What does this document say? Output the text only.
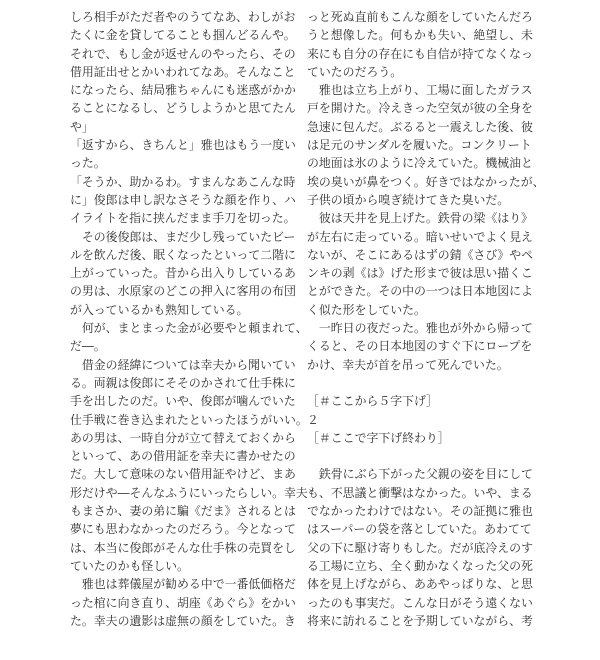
しろ相手がただ者やのうてなあ、わしがお
たくに金を貸してることも掴んどるんや。
それで、もし金が返せんのやったら、その
借用証出せとかいわれてなあ。そんなこと
になったら、結局雅ちゃんにも迷惑がかか
ることになるし、どうしようかと思てたん
や」
「返すから、きちんと」雅也はもう一度い
った。
「そうか、助かるわ。すまんなあこんな時
に」俊郎は申し訳なさそうな顔を作り、ハ
イライトを指に挟んだまま手刀を切った。
　その後俊郎は、まだ少し残っていたビー
ルを飲んだ後、眠くなったといって二階に
上がっていった。昔から出入りしているあ
の男は、水原家のどこの押入に客用の布団
が入っているかも熟知している。
　何が、まとまった金が必要やと頼まれて、
だ―。
　借金の経緯については幸夫から聞いてい
る。両親は俊郎にそそのかされて仕手株に
手を出したのだ。いや、俊郎が噛んでいた
仕手戦に巻き込まれたといったほうがいい。
あの男は、一時自分が立て替えておくから
といって、あの借用証を幸夫に書かせたの
だ。大して意味のない借用証やけど、まあ
形だけや―そんなふうにいったらしい。幸夫
もまさか、妻の弟に騙《だま》されるとは
夢にも思わなかったのだろう。今となって
は、本当に俊郎がそんな仕手株の売買をし
ていたのかも怪しい。
　雅也は葬儀屋が勧める中で一番低価格だ
った棺に向き直り、胡座《あぐら》をかい
た。幸夫の遺影は虚無の顔をしていた。き
っと死ぬ直前もこんな顔をしていたんだろ
うと想像した。何もかも失い、絶望し、未
来にも自分の存在にも自信が持てなくなっ
ていたのだろう。
　雅也は立ち上がり、工場に面したガラス
戸を開けた。冷えきった空気が彼の全身を
急速に包んだ。ぶるると一震えした後、彼
は足元のサンダルを履いた。コンクリート
の地面は氷のように冷えていた。機械油と
埃の臭いが鼻をつく。好きではなかったが、
子供の頃から嗅ぎ続けてきた臭いだ。
　彼は天井を見上げた。鉄骨の梁《はり》
が左右に走っている。暗いせいでよく見え
ないが、そこにあるはずの錆《さび》やペ
ンキの剥《は》げた形まで彼は思い描くこ
とができた。その中の一つは日本地図によ
く似た形をしていた。
　一昨日の夜だった。雅也が外から帰って
くると、その日本地図のすぐ下にロープを
かけ、幸夫が首を吊って死んでいた。
［＃ここから５字下げ］
２
［＃ここで字下げ終わり］
　鉄骨にぶら下がった父親の姿を目にして
も、不思議と衝撃はなかった。いや、まる
でなかったわけではない。その証拠に雅也
はスーパーの袋を落としていた。あわてて
父の下に駆け寄りもした。だが底冷えのす
る工場に立ち、全く動かなくなった父の死
体を見上げながら、ああやっぱりな、と思
ったのも事実だ。こんな日がそう遠くない
将来に訪れることを予期していながら、考
